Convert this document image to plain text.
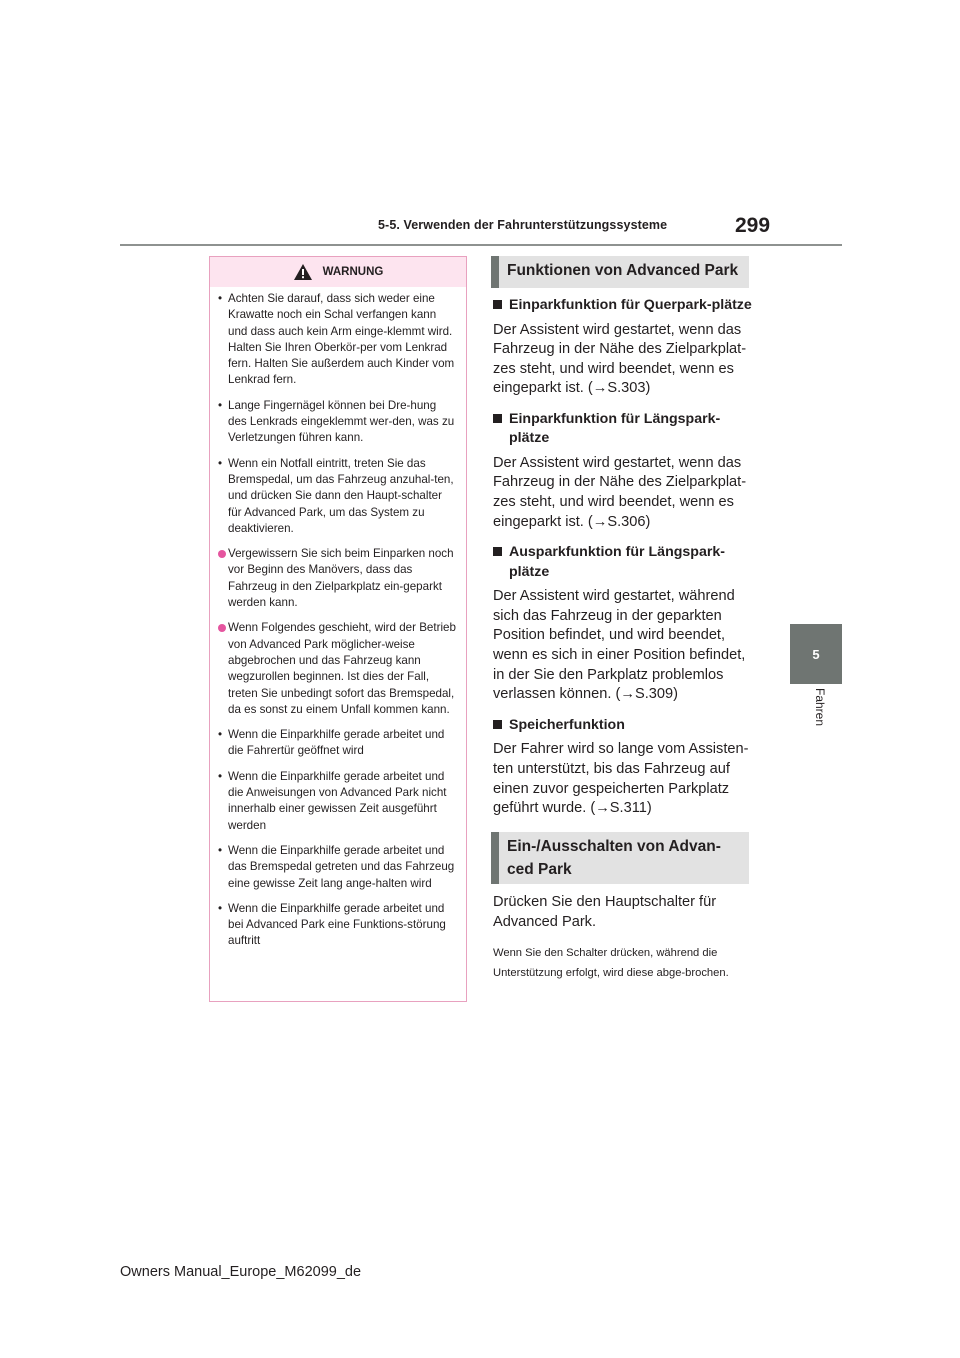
5-5. Verwenden der Fahrunterstützungssysteme	299
5
Fahren
WARNUNG
• Achten Sie darauf, dass sich weder eine Krawatte noch ein Schal verfangen kann und dass auch kein Arm einge-klemmt wird. Halten Sie Ihren Oberkör-per vom Lenkrad fern. Halten Sie außerdem auch Kinder vom Lenkrad fern.
• Lange Fingernägel können bei Dre-hung des Lenkrads eingeklemmt wer-den, was zu Verletzungen führen kann.
• Wenn ein Notfall eintritt, treten Sie das Bremspedal, um das Fahrzeug anzuhal-ten, und drücken Sie dann den Haupt-schalter für Advanced Park, um das System zu deaktivieren.
Vergewissern Sie sich beim Einparken noch vor Beginn des Manövers, dass das Fahrzeug in den Zielparkplatz ein-geparkt werden kann.
Wenn Folgendes geschieht, wird der Betrieb von Advanced Park möglicher-weise abgebrochen und das Fahrzeug kann wegzurollen beginnen. Ist dies der Fall, treten Sie unbedingt sofort das Bremspedal, da es sonst zu einem Unfall kommen kann.
• Wenn die Einparkhilfe gerade arbeitet und die Fahrertür geöffnet wird
• Wenn die Einparkhilfe gerade arbeitet und die Anweisungen von Advanced Park nicht innerhalb einer gewissen Zeit ausgeführt werden
• Wenn die Einparkhilfe gerade arbeitet und das Bremspedal getreten und das Fahrzeug eine gewisse Zeit lang ange-halten wird
• Wenn die Einparkhilfe gerade arbeitet und bei Advanced Park eine Funktions-störung auftritt
Funktionen von Advanced Park
Einparkfunktion für Querpark-plätze

Der Assistent wird gestartet, wenn das Fahrzeug in der Nähe des Zielparkplat-zes steht, und wird beendet, wenn es eingeparkt ist. (→S.303)

Einparkfunktion für Längspark-plätze

Der Assistent wird gestartet, wenn das Fahrzeug in der Nähe des Zielparkplat-zes steht, und wird beendet, wenn es eingeparkt ist. (→S.306)

Ausparkfunktion für Längspark-plätze

Der Assistent wird gestartet, während sich das Fahrzeug in der geparkten Position befindet, und wird beendet, wenn es sich in einer Position befindet, in der Sie den Parkplatz problemlos verlassen können. (→S.309)

Speicherfunktion

Der Fahrer wird so lange vom Assisten-ten unterstützt, bis das Fahrzeug auf einen zuvor gespeicherten Parkplatz geführt wurde. (→S.311)

Ein-/Ausschalten von Advan-
ced Park

Drücken Sie den Hauptschalter für Advanced Park.

Wenn Sie den Schalter drücken, während die Unterstützung erfolgt, wird diese abge-brochen.

Owners Manual_Europe_M62099_de
